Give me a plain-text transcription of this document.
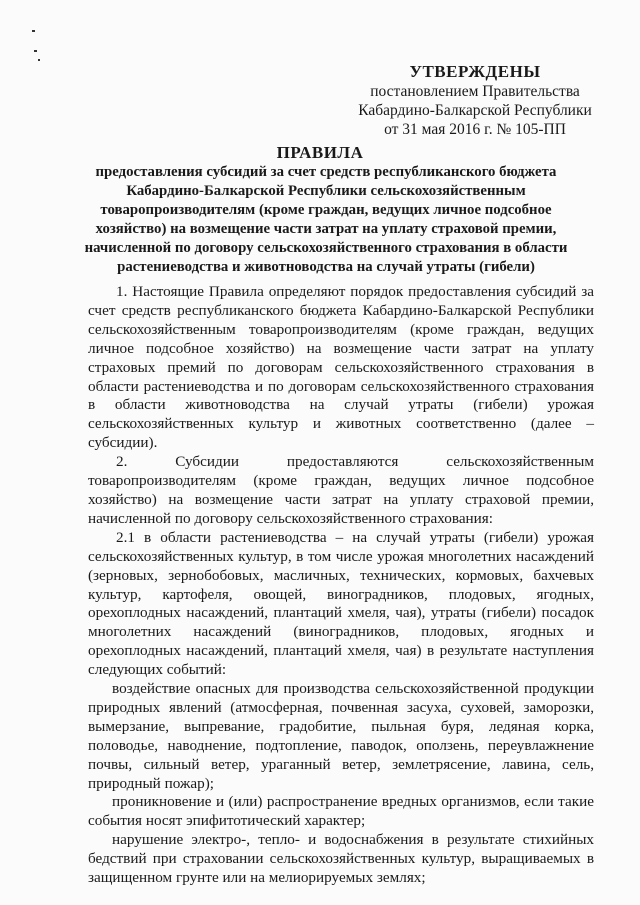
УТВЕРЖДЕНЫ
постановлением Правительства
Кабардино-Балкарской Республики
от 31 мая 2016 г. № 105-ПП
ПРАВИЛА
предоставления субсидий за счет средств республиканского бюджета Кабардино-Балкарской Республики сельскохозяйственным товаропроизводителям (кроме граждан, ведущих личное подсобное хозяйство) на возмещение части затрат на уплату страховой премии, начисленной по договору сельскохозяйственного страхования в области растениеводства и животноводства на случай утраты (гибели)

1. Настоящие Правила определяют порядок предоставления субсидий за счет средств республиканского бюджета Кабардино-Балкарской Республики сельскохозяйственным товаропроизводителям (кроме граждан, ведущих личное подсобное хозяйство) на возмещение части затрат на уплату страховых премий по договорам сельскохозяйственного страхования в области растениеводства и по договорам сельскохозяйственного страхования в области животноводства на случай утраты (гибели) урожая сельскохозяйственных культур и животных соответственно (далее – субсидии).

2. Субсидии предоставляются сельскохозяйственным товаропроизводителям (кроме граждан, ведущих личное подсобное хозяйство) на возмещение части затрат на уплату страховой премии, начисленной по договору сельскохозяйственного страхования:

2.1 в области растениеводства – на случай утраты (гибели) урожая сельскохозяйственных культур, в том числе урожая многолетних насаждений (зерновых, зернобобовых, масличных, технических, кормовых, бахчевых культур, картофеля, овощей, виноградников, плодовых, ягодных, орехоплодных насаждений, плантаций хмеля, чая), утраты (гибели) посадок многолетних насаждений (виноградников, плодовых, ягодных и орехоплодных насаждений, плантаций хмеля, чая) в результате наступления следующих событий:

воздействие опасных для производства сельскохозяйственной продукции природных явлений (атмосферная, почвенная засуха, суховей, заморозки, вымерзание, выпревание, градобитие, пыльная буря, ледяная корка, половодье, наводнение, подтопление, паводок, оползень, переувлажнение почвы, сильный ветер, ураганный ветер, землетрясение, лавина, сель, природный пожар);

проникновение и (или) распространение вредных организмов, если такие события носят эпифитотический характер;

нарушение электро-, тепло- и водоснабжения в результате стихийных бедствий при страховании сельскохозяйственных культур, выращиваемых в защищенном грунте или на мелиорируемых землях;
